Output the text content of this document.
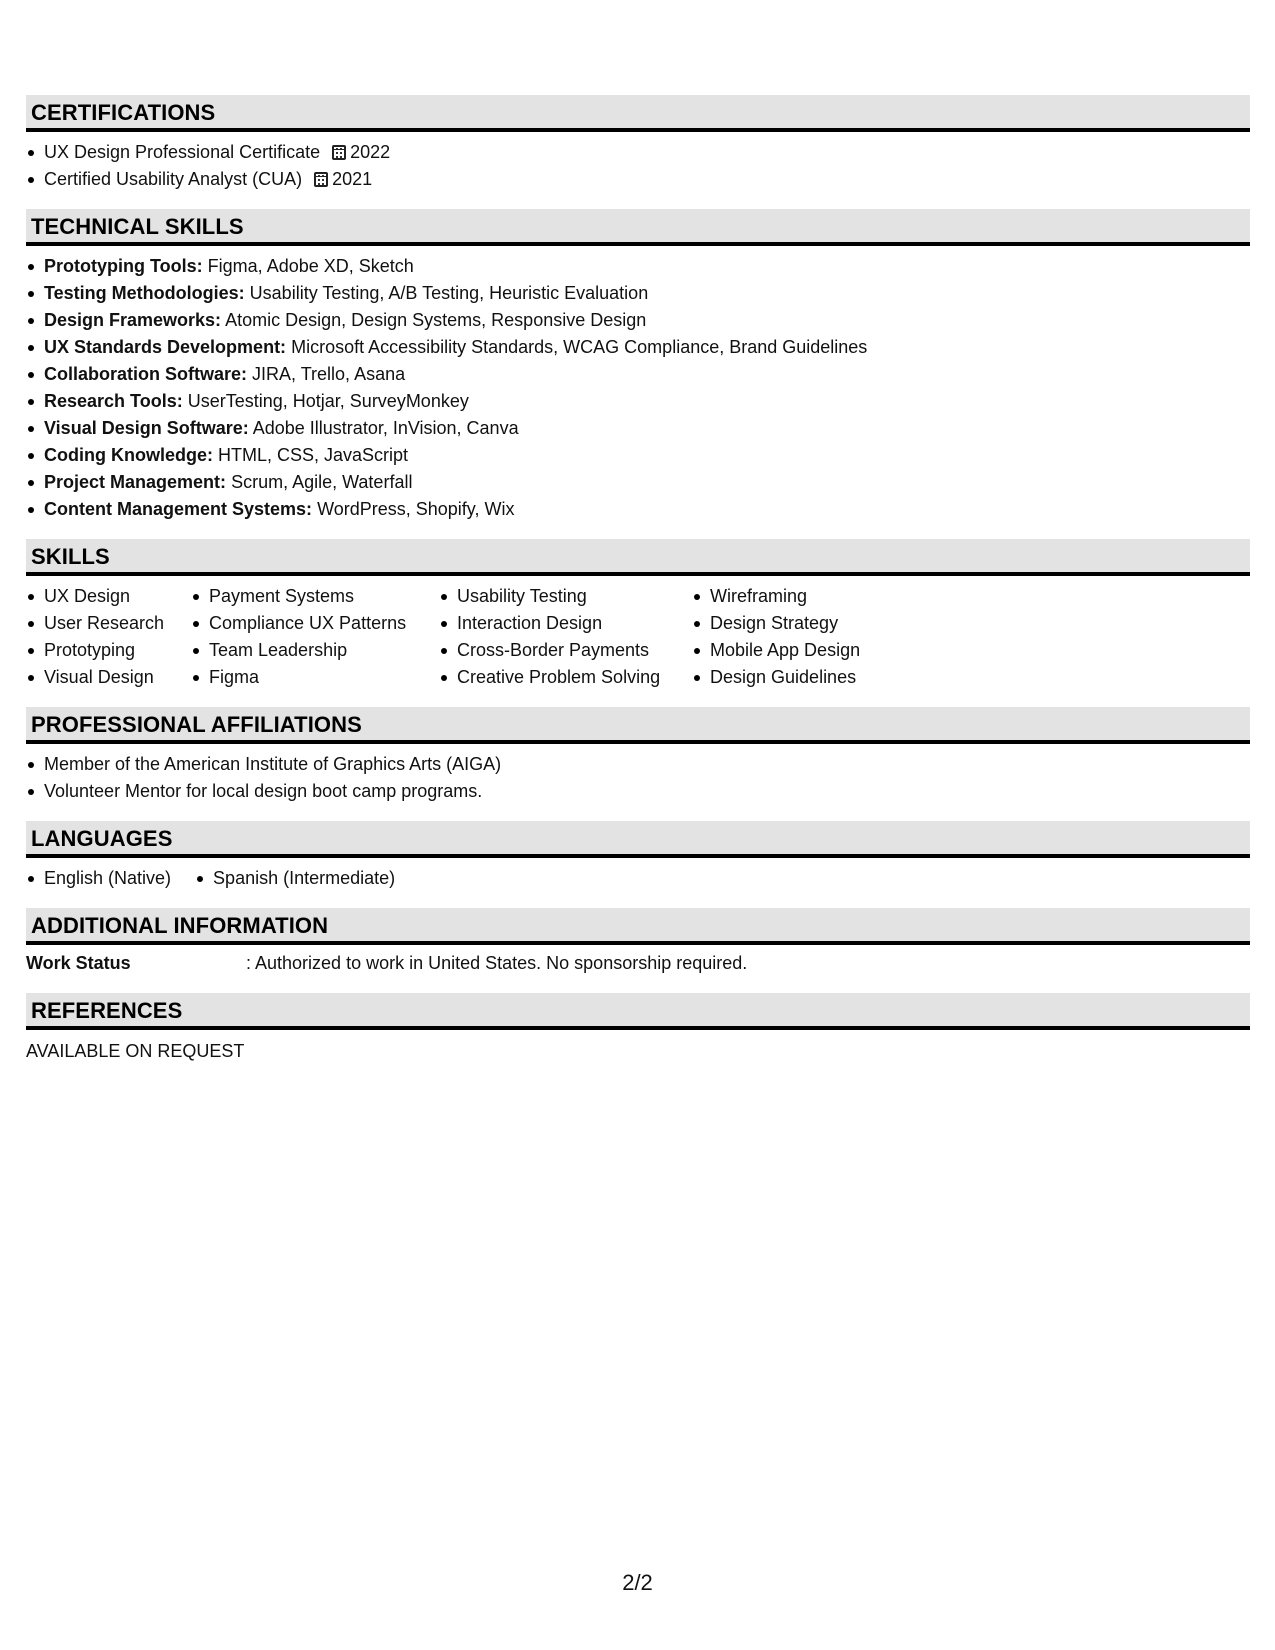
CERTIFICATIONS
UX Design Professional Certificate 2022
Certified Usability Analyst (CUA) 2021
TECHNICAL SKILLS
Prototyping Tools: Figma, Adobe XD, Sketch
Testing Methodologies: Usability Testing, A/B Testing, Heuristic Evaluation
Design Frameworks: Atomic Design, Design Systems, Responsive Design
UX Standards Development: Microsoft Accessibility Standards, WCAG Compliance, Brand Guidelines
Collaboration Software: JIRA, Trello, Asana
Research Tools: UserTesting, Hotjar, SurveyMonkey
Visual Design Software: Adobe Illustrator, InVision, Canva
Coding Knowledge: HTML, CSS, JavaScript
Project Management: Scrum, Agile, Waterfall
Content Management Systems: WordPress, Shopify, Wix
SKILLS
UX Design
User Research
Prototyping
Visual Design
Payment Systems
Compliance UX Patterns
Team Leadership
Figma
Usability Testing
Interaction Design
Cross-Border Payments
Creative Problem Solving
Wireframing
Design Strategy
Mobile App Design
Design Guidelines
PROFESSIONAL AFFILIATIONS
Member of the American Institute of Graphics Arts (AIGA)
Volunteer Mentor for local design boot camp programs.
LANGUAGES
English (Native)	Spanish (Intermediate)
ADDITIONAL INFORMATION
Work Status	: Authorized to work in United States. No sponsorship required.
REFERENCES
AVAILABLE ON REQUEST
2/2
